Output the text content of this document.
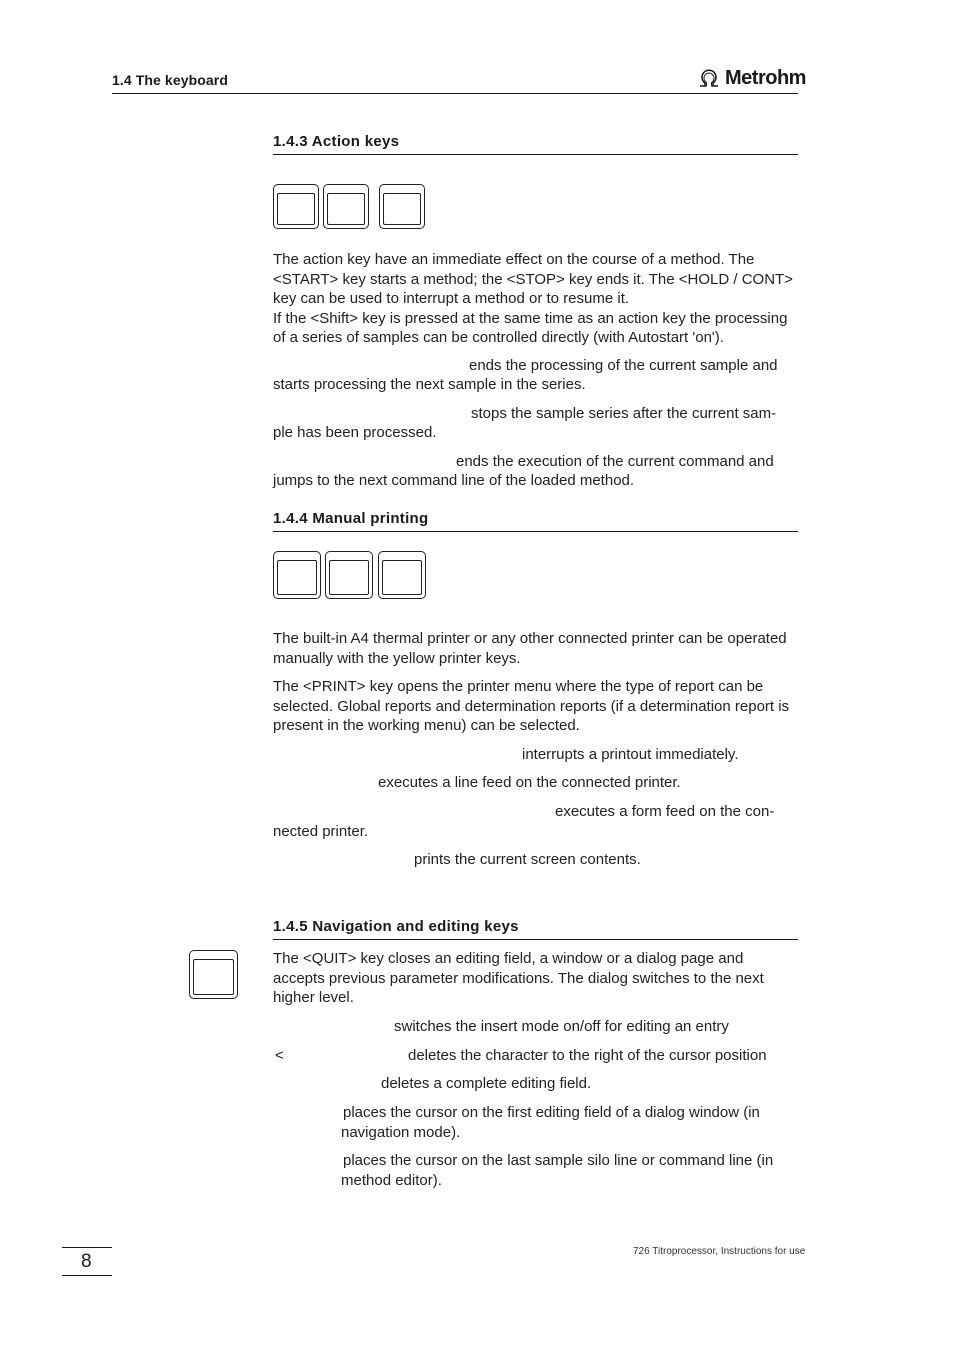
1.4 The keyboard	Metrohm
1.4.3 Action keys

The action key have an immediate effect on the course of a method. The <START> key starts a method; the <STOP> key ends it. The <HOLD / CONT> key can be used to interrupt a method or to resume it.

If the <Shift> key is pressed at the same time as an action key the processing of a series of samples can be controlled directly (with Autostart 'on').

ends the processing of the current sample and
starts processing the next sample in the series.
stops the sample series after the current sam-
ple has been processed.
ends the execution of the current command and
jumps to the next command line of the loaded method.
1.4.4 Manual printing
The built-in A4 thermal printer or any other connected printer can be operated manually with the yellow printer keys.
The <PRINT> key opens the printer menu where the type of report can be selected. Global reports and determination reports (if a determination report is present in the working menu) can be selected.
interrupts a printout immediately.
executes a line feed on the connected printer.
executes a form feed on the con-
nected printer.
prints the current screen contents.
1.4.5 Navigation and editing keys
The <QUIT> key closes an editing field, a window or a dialog page and accepts previous parameter modifications. The dialog switches to the next higher level.
switches the insert mode on/off for editing an entry
<	deletes the character to the right of the cursor position
deletes a complete editing field.
places the cursor on the first editing field of a dialog window (in navigation mode).
places the cursor on the last sample silo line or command line (in method editor).
8	726 Titroprocessor, Instructions for use
